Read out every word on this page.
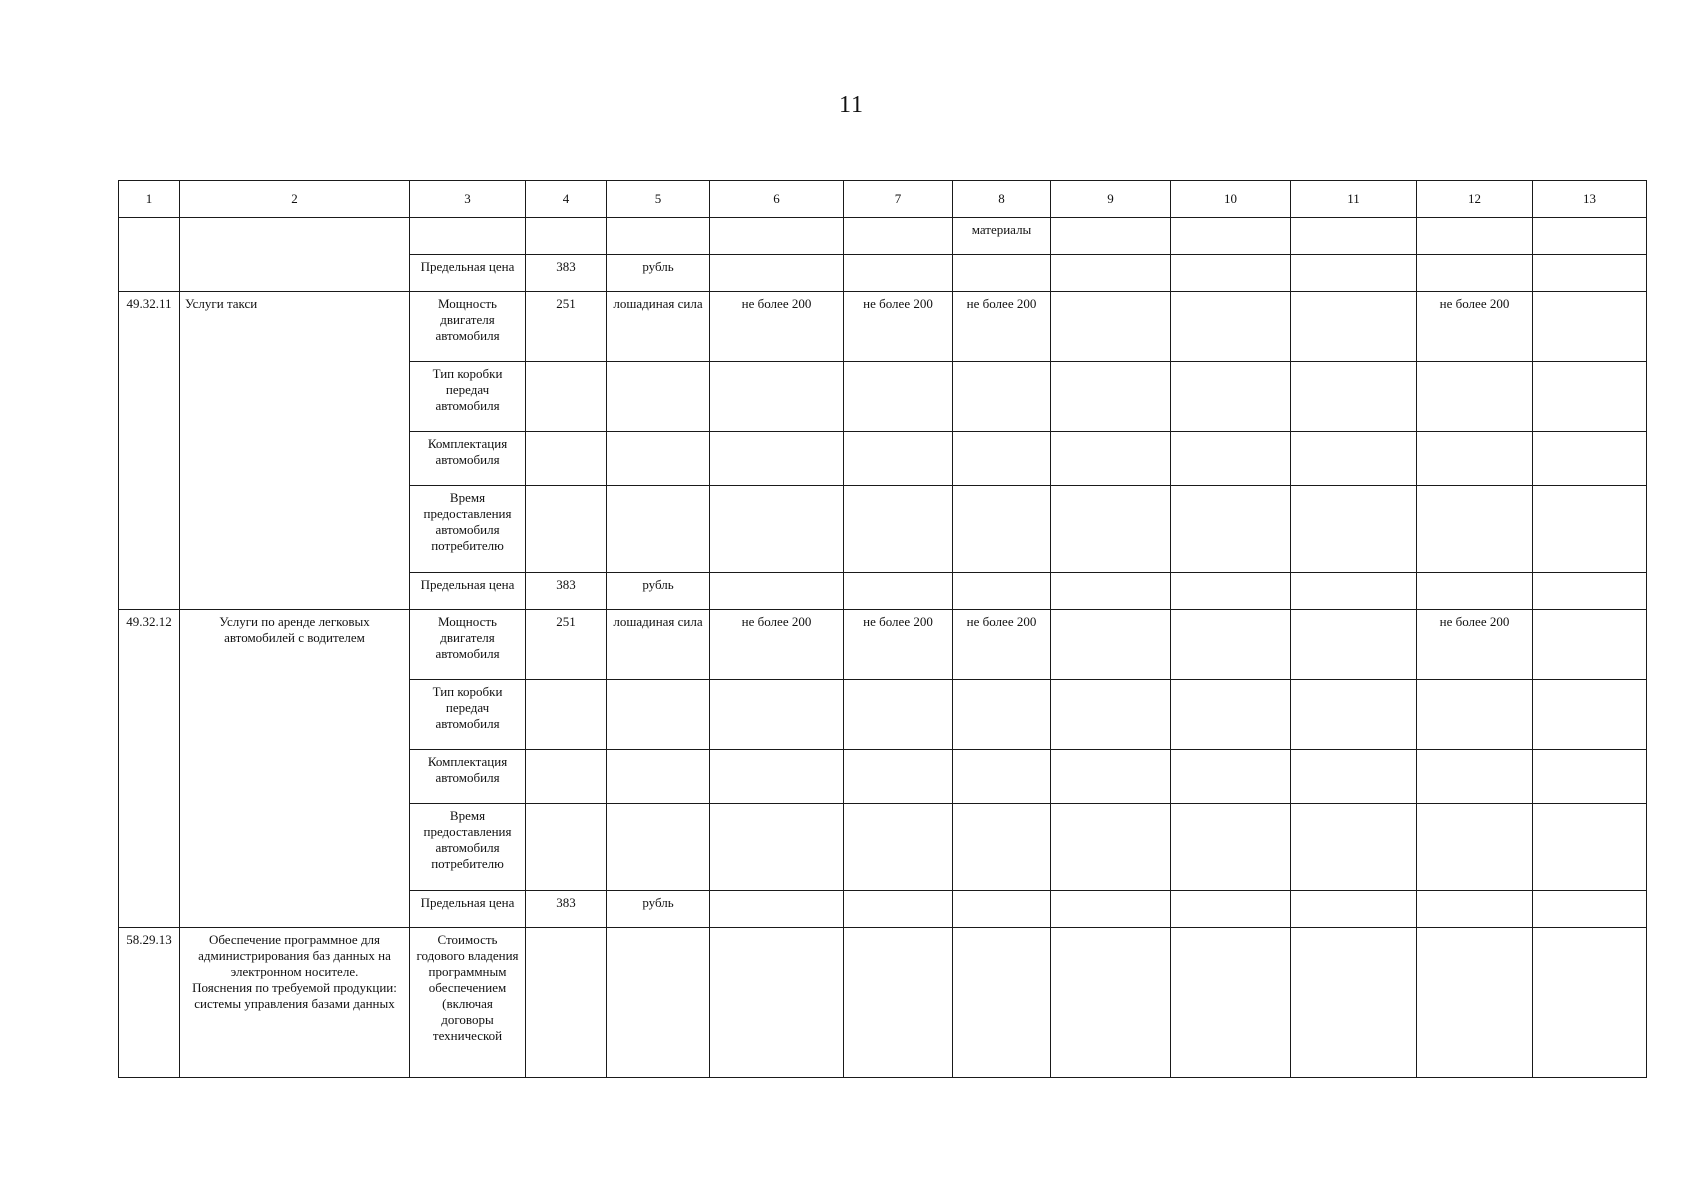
11
1	2	3	4	5	6	7	8	9	10	11	12	13
							материалы					
		Предельная цена	383	рубль								
49.32.11	Услуги такси	Мощность двигателя автомобиля	251	лошадиная сила	не более 200	не более 200	не более 200				не более 200	
		Тип коробки передач автомобиля										
		Комплектация автомобиля										
		Время предоставления автомобиля потребителю										
		Предельная цена	383	рубль								
49.32.12	Услуги по аренде легковых автомобилей с водителем	Мощность двигателя автомобиля	251	лошадиная сила	не более 200	не более 200	не более 200				не более 200	
		Тип коробки передач автомобиля										
		Комплектация автомобиля										
		Время предоставления автомобиля потребителю										
		Предельная цена	383	рубль								
58.29.13	Обеспечение программное для администрирования баз данных на электронном носителе.
Пояснения по требуемой продукции: системы управления базами данных	Стоимость годового владения программным обеспечением (включая договоры технической										
